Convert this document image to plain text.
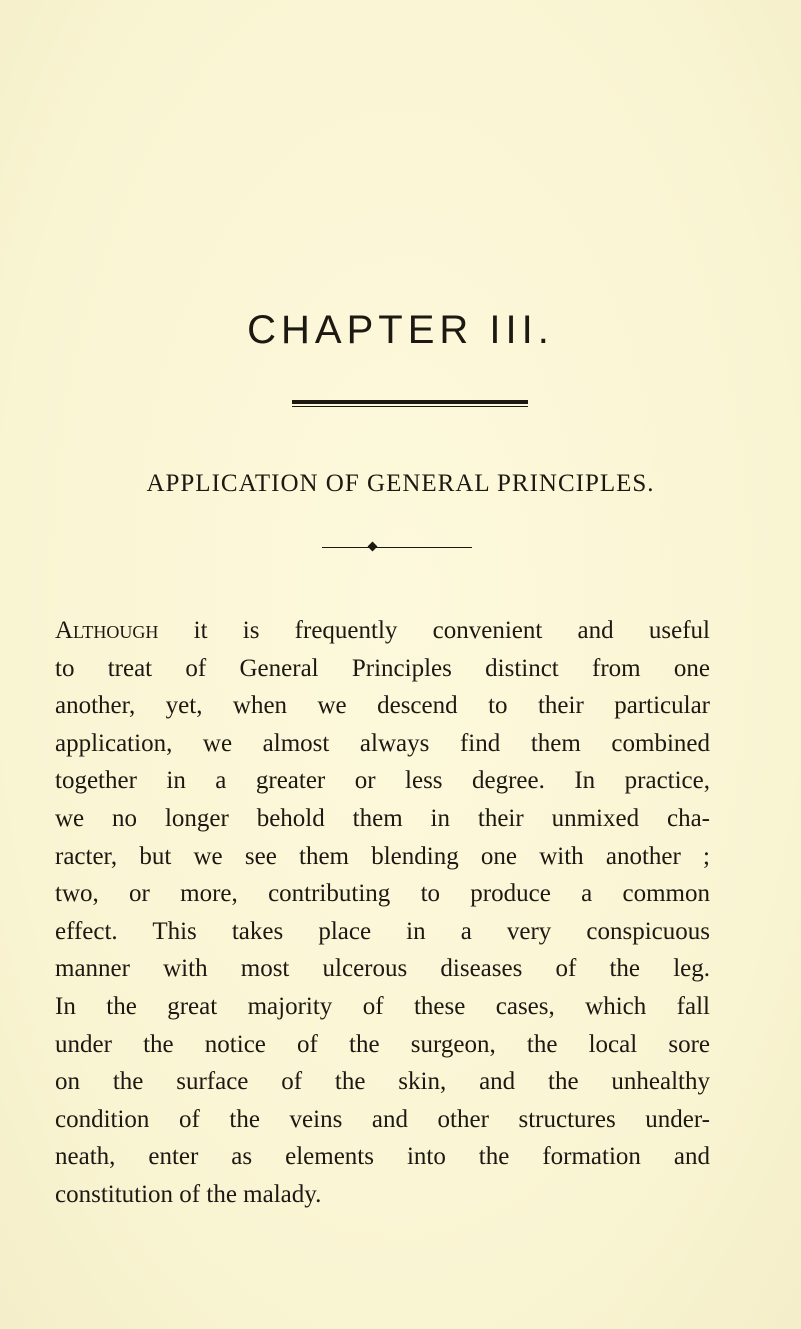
CHAPTER III.
APPLICATION OF GENERAL PRINCIPLES.
Although it is frequently convenient and useful
to treat of General Principles distinct from one
another, yet, when we descend to their particular
application, we almost always find them combined
together in a greater or less degree. In practice,
we no longer behold them in their unmixed cha-
racter, but we see them blending one with another ;
two, or more, contributing to produce a common
effect. This takes place in a very conspicuous
manner with most ulcerous diseases of the leg.
In the great majority of these cases, which fall
under the notice of the surgeon, the local sore
on the surface of the skin, and the unhealthy
condition of the veins and other structures under-
neath, enter as elements into the formation and
constitution of the malady.
